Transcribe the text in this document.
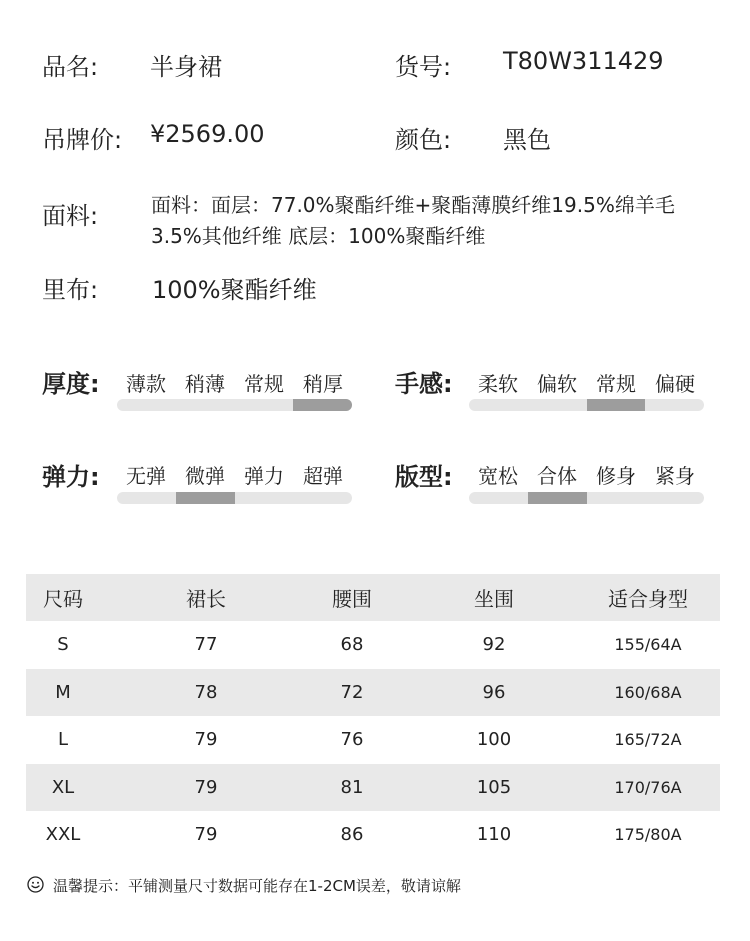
品名: 半身裙	货号: T80W311429
吊牌价: ¥2569.00	颜色: 黑色
面料:	面料：面层：77.0%聚酯纤维+聚酯薄膜纤维19.5%绵羊毛3.5%其他纤维 底层：100%聚酯纤维
里布: 100%聚酯纤维
厚度:	薄款 稍薄 常规 稍厚	手感:	柔软 偏软 常规 偏硬
弹力:	无弹 微弹 弹力 超弹	版型:	宽松 合体 修身 紧身
尺码	裙长	腰围	坐围	适合身型
S	77	68	92	155/64A
M	78	72	96	160/68A
L	79	76	100	165/72A
XL	79	81	105	170/76A
XXL	79	86	110	175/80A
温馨提示：平铺测量尺寸数据可能存在1-2CM误差，敬请谅解
